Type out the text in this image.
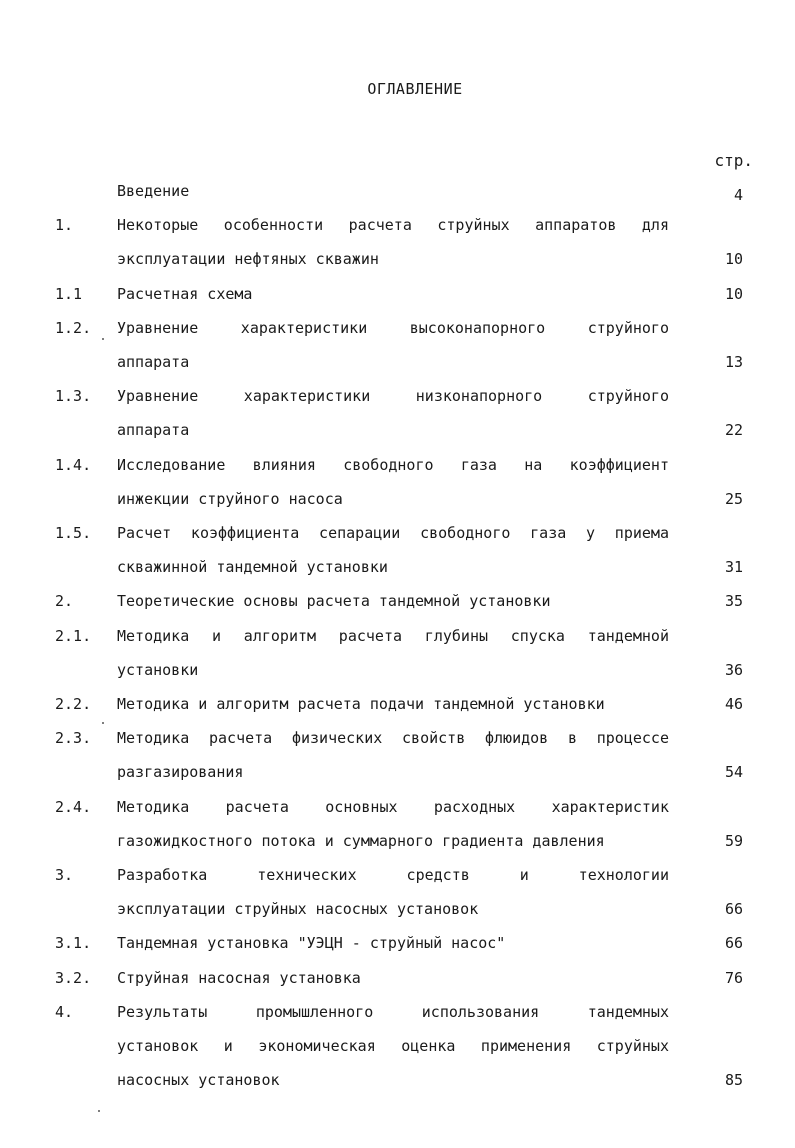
ОГЛАВЛЕНИЕ
стр.
Введение	4
1.	Некоторые особенности расчета струйных аппаратов для
эксплуатации нефтяных скважин	10
1.1 Расчетная схема	10
1.2. Уравнение характеристики высоконапорного струйного
аппарата	13
1.3. Уравнение характеристики низконапорного струйного
аппарата	22
1.4. Исследование влияния свободного газа на коэффициент
инжекции струйного насоса	25
1.5. Расчет коэффициента сепарации свободного газа у приема
скважинной тандемной установки	31
2.	Теоретические основы расчета тандемной установки	35
2.1. Методика и алгоритм расчета глубины спуска тандемной
установки	36
2.2. Методика и алгоритм расчета подачи тандемной установки	46
2.3. Методика расчета физических свойств флюидов в процессе
разгазирования	54
2.4. Методика расчета основных расходных характеристик
газожидкостного потока и суммарного градиента давления	59
3.	Разработка технических средств и технологии
эксплуатации струйных насосных установок	66
3.1. Тандемная установка "УЭЦН - струйный насос"	66
3.2. Струйная насосная установка	76
4.	Результаты промышленного использования тандемных
установок и экономическая оценка применения струйных
насосных установок	85
